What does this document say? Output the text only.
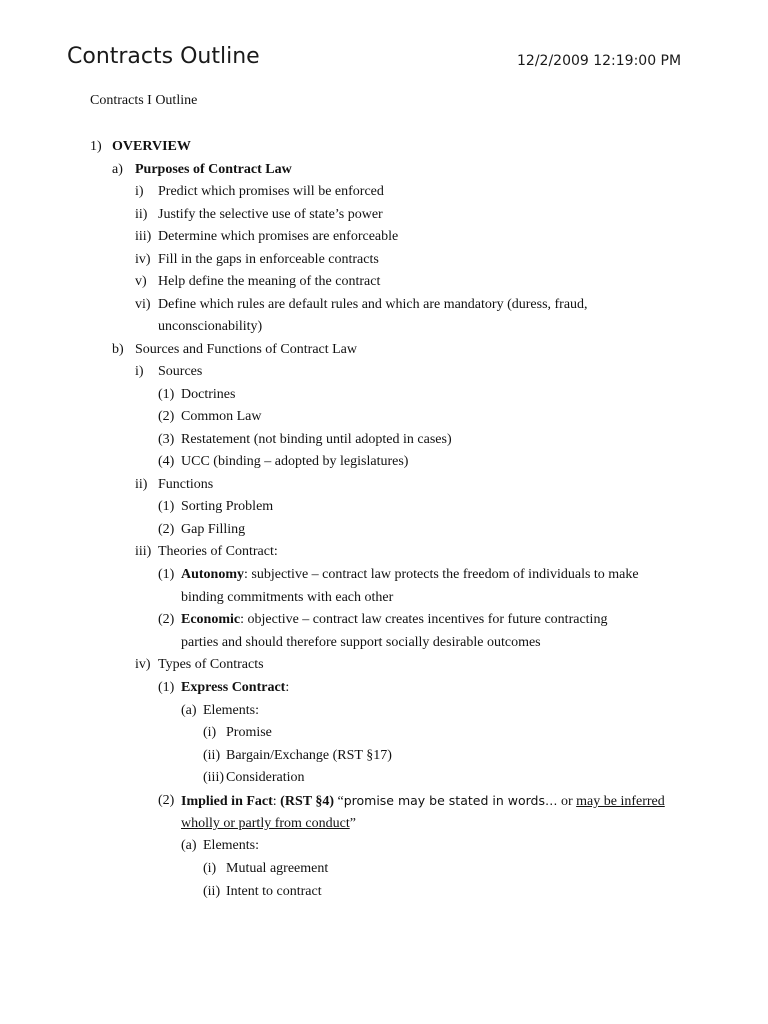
Contracts Outline	12/2/2009 12:19:00 PM
Contracts I Outline
1) OVERVIEW
a) Purposes of Contract Law
i) Predict which promises will be enforced
ii) Justify the selective use of state’s power
iii) Determine which promises are enforceable
iv) Fill in the gaps in enforceable contracts
v) Help define the meaning of the contract
vi) Define which rules are default rules and which are mandatory (duress, fraud,
unconscionability)
b) Sources and Functions of Contract Law
i) Sources
(1) Doctrines
(2) Common Law
(3) Restatement (not binding until adopted in cases)
(4) UCC (binding – adopted by legislatures)
ii) Functions
(1) Sorting Problem
(2) Gap Filling
iii) Theories of Contract:
(1) Autonomy: subjective – contract law protects the freedom of individuals to make
binding commitments with each other
(2) Economic: objective – contract law creates incentives for future contracting
parties and should therefore support socially desirable outcomes
iv) Types of Contracts
(1) Express Contract:
(a) Elements:
(i) Promise
(ii) Bargain/Exchange (RST §17)
(iii) Consideration
(2) Implied in Fact: (RST §4) “promise may be stated in words… or may be inferred
wholly or partly from conduct”
(a) Elements:
(i) Mutual agreement
(ii) Intent to contract
